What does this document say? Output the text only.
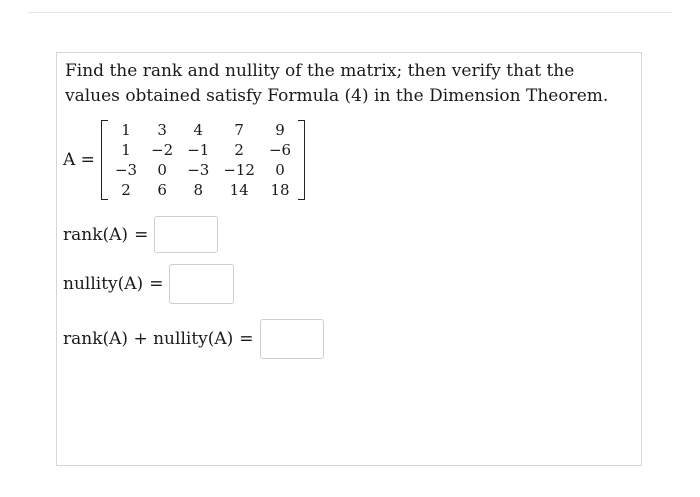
Find the rank and nullity of the matrix; then verify that the values obtained satisfy Formula (4) in the Dimension Theorem.

A =
1	3	4	7	9
1	−2	−1	2	−6
−3	0	−3	−12	0
2	6	8	14	18
rank(A) =
nullity(A) =
rank(A) + nullity(A) =
